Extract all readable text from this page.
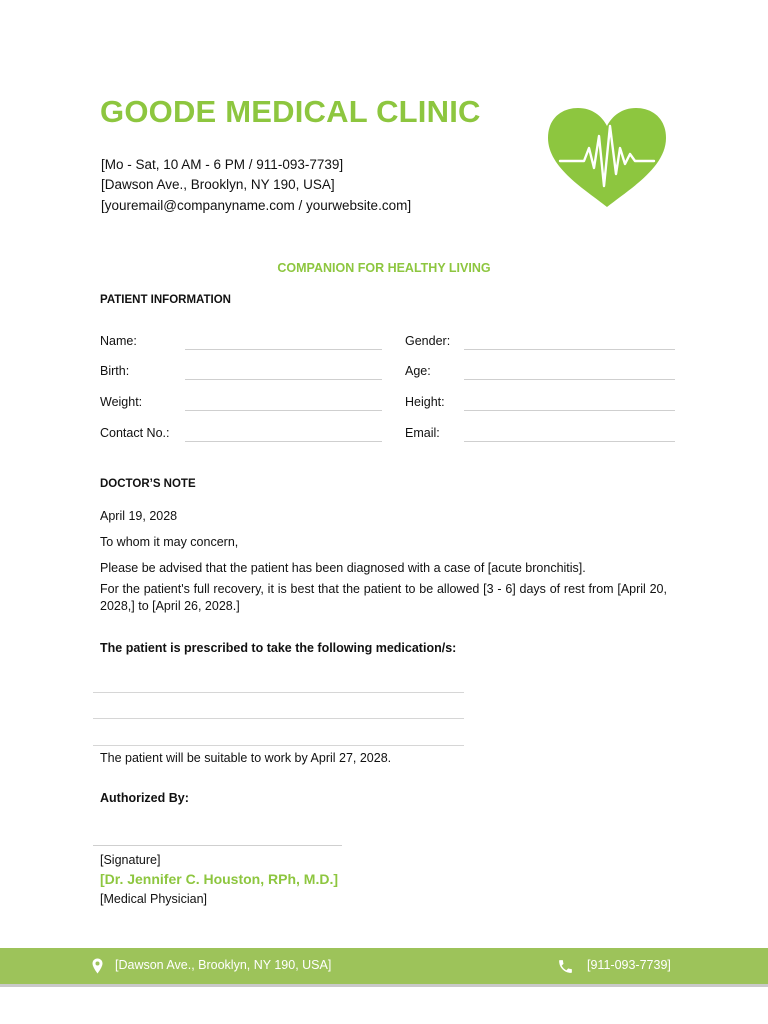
GOODE MEDICAL CLINIC
[Mo - Sat, 10 AM - 6 PM / 911-093-7739]
[Dawson Ave., Brooklyn, NY 190, USA]
[youremail@companyname.com / yourwebsite.com]
COMPANION FOR HEALTHY LIVING
PATIENT INFORMATION
Name:	Gender:
Birth:	Age:
Weight:	Height:
Contact No.:	Email:
DOCTOR’S NOTE
April 19, 2028
To whom it may concern,
Please be advised that the patient has been diagnosed with a case of [acute bronchitis].
For the patient's full recovery, it is best that the patient to be allowed [3 - 6] days of rest from [April 20, 2028,] to [April 26, 2028.]
The patient is prescribed to take the following medication/s:
The patient will be suitable to work by April 27, 2028.
Authorized By:
[Signature]
[Dr. Jennifer C. Houston, RPh, M.D.]
[Medical Physician]
[Dawson Ave., Brooklyn, NY 190, USA]	[911-093-7739]
